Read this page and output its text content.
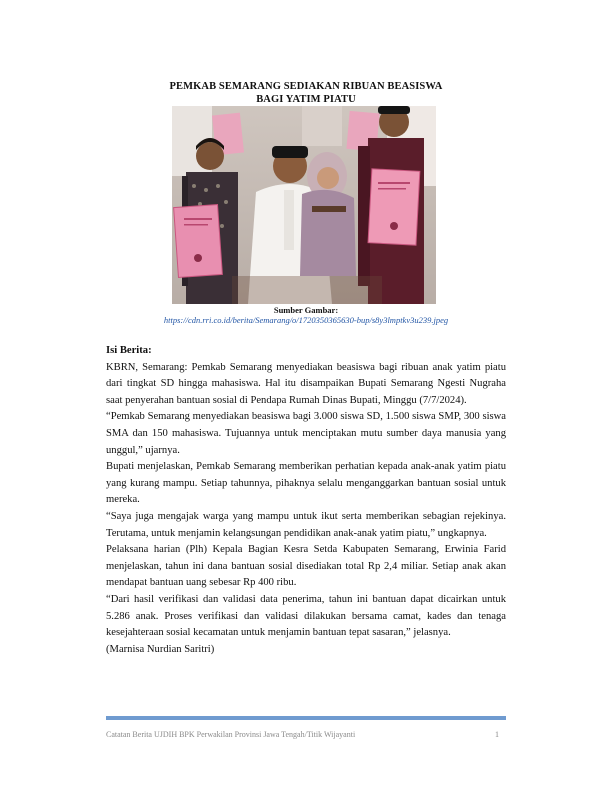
PEMKAB SEMARANG SEDIAKAN RIBUAN BEASISWA
BAGI YATIM PIATU
Sumber Gambar:
https://cdn.rri.co.id/berita/Semarang/o/1720350365630-bup/s8y3lmptkv3u239.jpeg

Isi Berita:

KBRN, Semarang: Pemkab Semarang menyediakan beasiswa bagi ribuan anak yatim piatu dari tingkat SD hingga mahasiswa. Hal itu disampaikan Bupati Semarang Ngesti Nugraha saat penyerahan bantuan sosial di Pendapa Rumah Dinas Bupati, Minggu (7/7/2024).

“Pemkab Semarang menyediakan beasiswa bagi 3.000 siswa SD, 1.500 siswa SMP, 300 siswa SMA dan 150 mahasiswa. Tujuannya untuk menciptakan mutu sumber daya manusia yang unggul,” ujarnya.

Bupati menjelaskan, Pemkab Semarang memberikan perhatian kepada anak-anak yatim piatu yang kurang mampu. Setiap tahunnya, pihaknya selalu menganggarkan bantuan sosial untuk mereka.

“Saya juga mengajak warga yang mampu untuk ikut serta memberikan sebagian rejekinya. Terutama, untuk menjamin kelangsungan pendidikan anak-anak yatim piatu,” ungkapnya.

Pelaksana harian (Plh) Kepala Bagian Kesra Setda Kabupaten Semarang, Erwinia Farid menjelaskan, tahun ini dana bantuan sosial disediakan total Rp 2,4 miliar. Setiap anak akan mendapat bantuan uang sebesar Rp 400 ribu.

“Dari hasil verifikasi dan validasi data penerima, tahun ini bantuan dapat dicairkan untuk 5.286 anak. Proses verifikasi dan validasi dilakukan bersama camat, kades dan tenaga kesejahteraan sosial kecamatan untuk menjamin bantuan tepat sasaran,” jelasnya.

(Marnisa Nurdian Saritri)

Catatan Berita UJDIH BPK Perwakilan Provinsi Jawa Tengah/Titik Wijayanti	1
